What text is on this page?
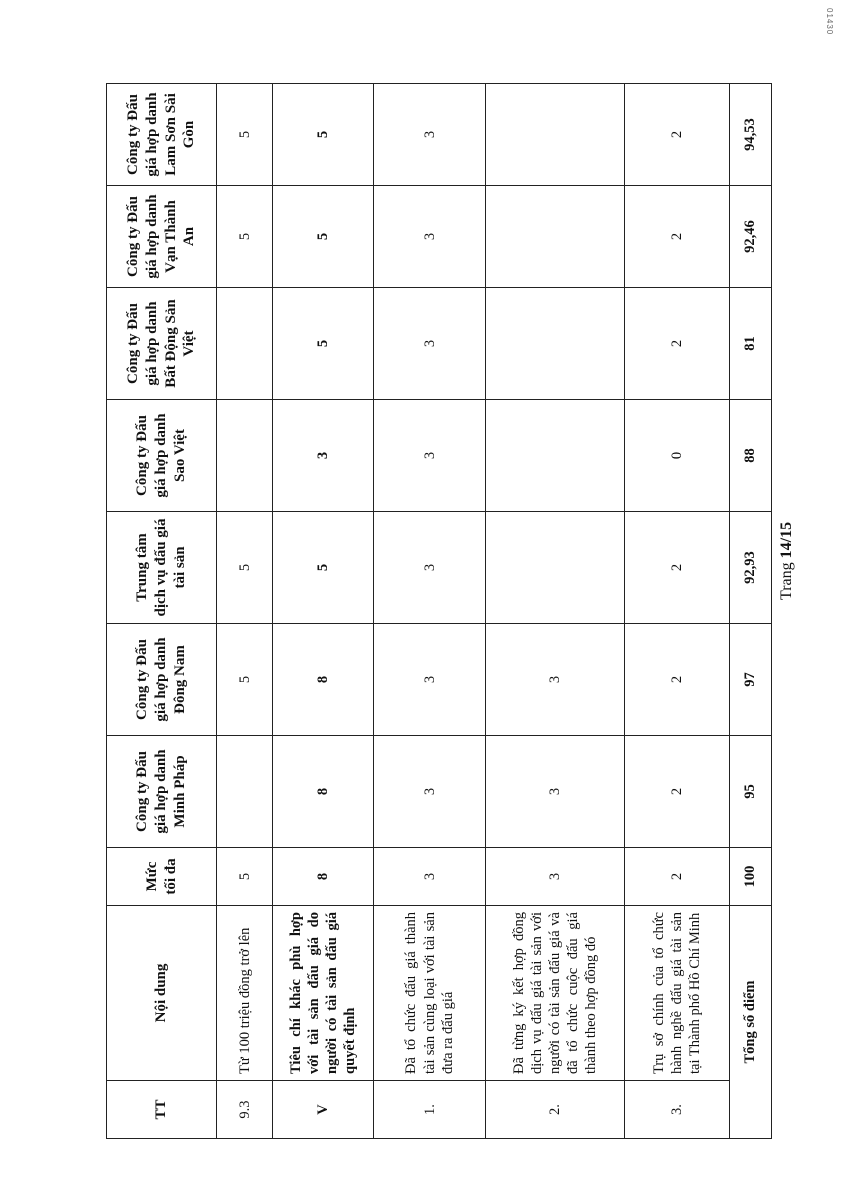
01430
TT	Nội dung	Mức tối đa	Công ty Đấu giá hợp danh Minh Pháp	Công ty Đấu giá hợp danh Đông Nam	Trung tâm dịch vụ đấu giá tài sản	Công ty Đấu giá hợp danh Sao Việt	Công ty Đấu giá hợp danh Bất Động Sản Việt	Công ty Đấu giá hợp danh Vạn Thành An	Công ty Đấu giá hợp danh Lam Sơn Sài Gòn
9.3	Từ 100 triệu đồng trở lên	5		5	5			5	5
V	Tiêu chí khác phù hợp với tài sản đấu giá do người có tài sản đấu giá quyết định	8	8	8	5	3	5	5	5
1.	Đã tổ chức đấu giá thành tài sản cùng loại với tài sản đưa ra đấu giá	3	3	3	3	3	3	3	3
2.	Đã từng ký kết hợp đồng dịch vụ đấu giá tài sản với người có tài sản đấu giá và đã tổ chức cuộc đấu giá thành theo hợp đồng đó	3	3	3					
3.	Trụ sở chính của tổ chức hành nghề đấu giá tài sản tại Thành phố Hồ Chí Minh	2	2	2	2	0	2	2	2
Tổng số điểm		100	95	97	92,93	88	81	92,46	94,53
Trang 14/15
